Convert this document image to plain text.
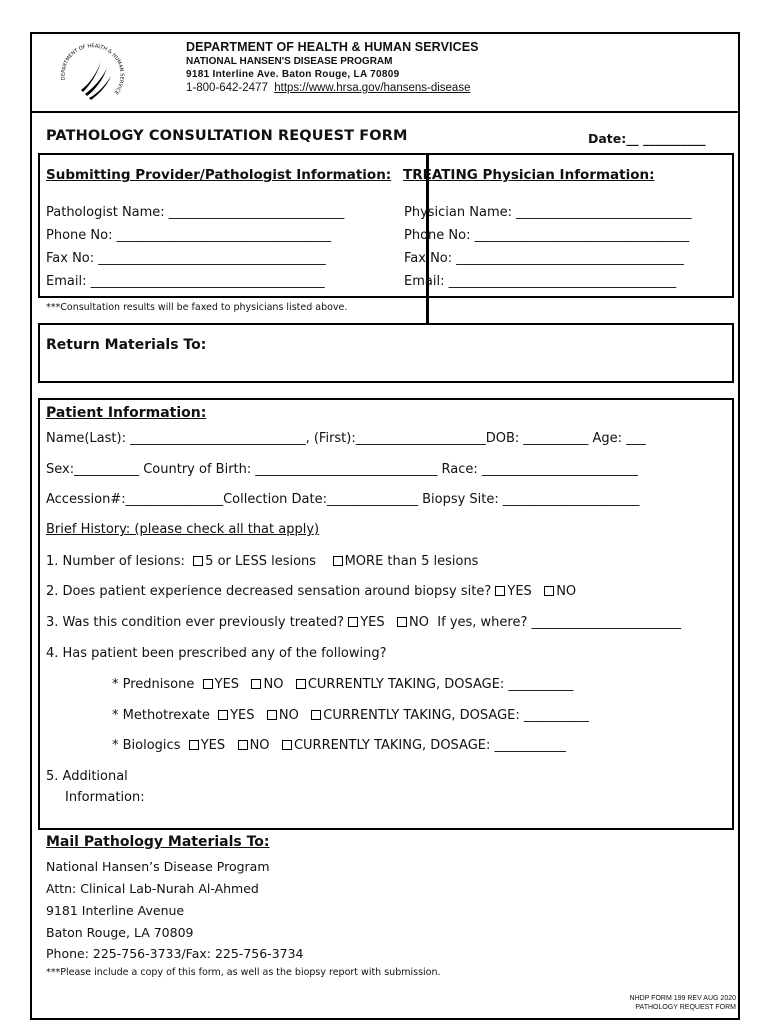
DEPARTMENT OF HEALTH & HUMAN SERVICE
DEPARTMENT OF HEALTH & HUMAN SERVICES
NATIONAL HANSEN'S DISEASE PROGRAM
9181 Interline Ave. Baton Rouge, LA 70809
1-800-642-2477 https://www.hrsa.gov/hansens-disease
PATHOLOGY CONSULTATION REQUEST FORM	Date:__ __________
Submitting Provider/Pathologist Information:
Pathologist Name: ___________________________
Phone No: _________________________________
Fax No: ___________________________________
Email: ____________________________________
TREATING Physician Information:
Physician Name: ___________________________
Phone No: _________________________________
Fax No: ___________________________________
Email: ___________________________________
***Consultation results will be faxed to physicians listed above.
Return Materials To:
Patient Information:
Name(Last): ___________________________, (First):____________________DOB: __________ Age: ___
Sex:__________ Country of Birth: ____________________________ Race: ________________________
Accession#:_______________Collection Date:______________ Biopsy Site: _____________________
Brief History: (please check all that apply)
1. Number of lesions: 5 or LESS lesions MORE than 5 lesions
2. Does patient experience decreased sensation around biopsy site? YES NO
3. Was this condition ever previously treated? YES NO If yes, where? _______________________
4. Has patient been prescribed any of the following?
* Prednisone YES NO CURRENTLY TAKING, DOSAGE: __________
* Methotrexate YES NO CURRENTLY TAKING, DOSAGE: __________
* Biologics YES NO CURRENTLY TAKING, DOSAGE: ___________
5. Additional
Information:
Mail Pathology Materials To:
National Hansen’s Disease Program
Attn: Clinical Lab-Nurah Al-Ahmed
9181 Interline Avenue
Baton Rouge, LA 70809
Phone: 225-756-3733/Fax: 225-756-3734
***Please include a copy of this form, as well as the biopsy report with submission.
NHDP FORM 199 REV AUG 2020
PATHOLOGY REQUEST FORM
